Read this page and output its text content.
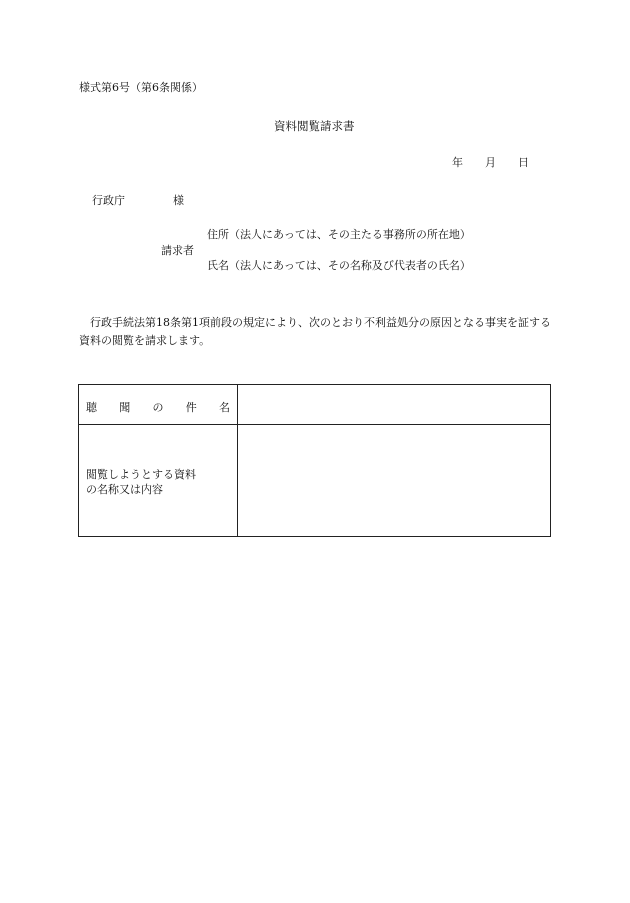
様式第6号（第6条関係）
資料閲覧請求書
年 月 日
行政庁	様
住所（法人にあっては、その主たる事務所の所在地）
請求者
氏名（法人にあっては、その名称及び代表者の氏名）
行政手続法第18条第1項前段の規定により、次のとおり不利益処分の原因となる事実を証する資料の閲覧を請求します。
聴 聞 の 件 名
閲覧しようとする資料
の名称又は内容
